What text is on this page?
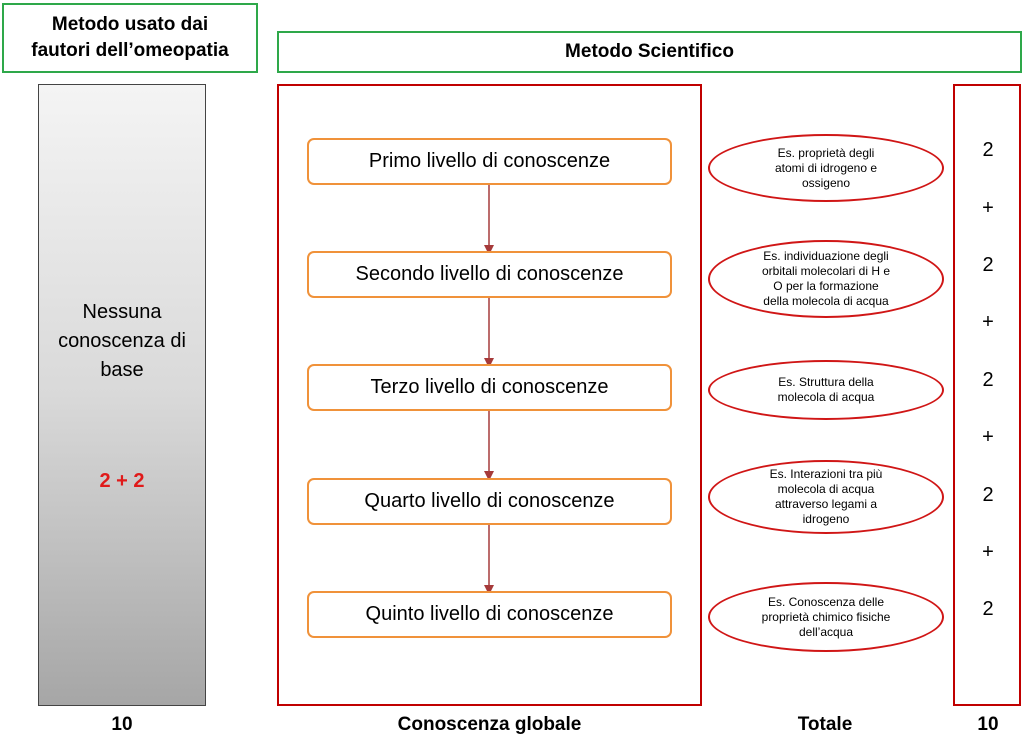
Metodo usato dai
fautori dell’omeopatia	Metodo Scientifico
Nessuna
conoscenza di
base
2 + 2
Primo livello di conoscenze
Secondo livello di conoscenze
Terzo livello di conoscenze
Quarto livello di conoscenze
Quinto livello di conoscenze
Es. proprietà degli
atomi di idrogeno e
ossigeno
Es. individuazione degli
orbitali molecolari di H e
O per la formazione
della molecola di acqua
Es. Struttura della
molecola di acqua
Es. Interazioni tra più
molecola di acqua
attraverso legami a
idrogeno
Es. Conoscenza delle
proprietà chimico fisiche
dell’acqua
2
+
2
+
2
+
2
+
2
10	Conoscenza globale	Totale	10
